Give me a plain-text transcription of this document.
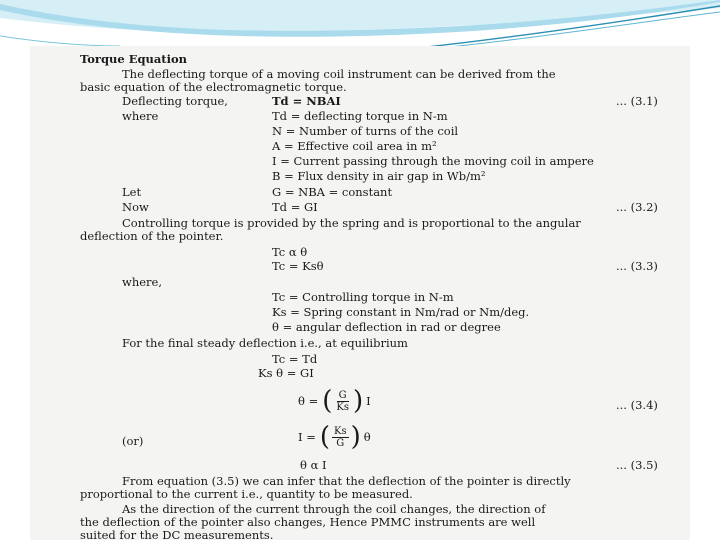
Torque Equation
The deflecting torque of a moving coil instrument can be derived from the
basic equation of the electromagnetic torque.
Deflecting torque,	Td = NBAI	... (3.1)
where	Td = deflecting torque in N-m
N = Number of turns of the coil
A = Effective coil area in m²
I = Current passing through the moving coil in ampere
B = Flux density in air gap in Wb/m²
Let	G = NBA = constant
Now	Td = GI	... (3.2)
Controlling torque is provided by the spring and is proportional to the angular
deflection of the pointer.
Tc α θ
Tc = Ksθ	... (3.3)
where,
Tc = Controlling torque in N-m
Ks = Spring constant in Nm/rad or Nm/deg.
θ = angular deflection in rad or degree
For the final steady deflection i.e., at equilibrium
Tc = Td
Ks θ = GI
θ = ( $\frac{G}{Ks}$ ) I	... (3.4)
(or)	I = ( $\frac{Ks}{G}$ ) θ
θ α I	... (3.5)
From equation (3.5) we can infer that the deflection of the pointer is directly
proportional to the current i.e., quantity to be measured.
As the direction of the current through the coil changes, the direction of
the deflection of the pointer also changes, Hence PMMC instruments are well
suited for the DC measurements.
